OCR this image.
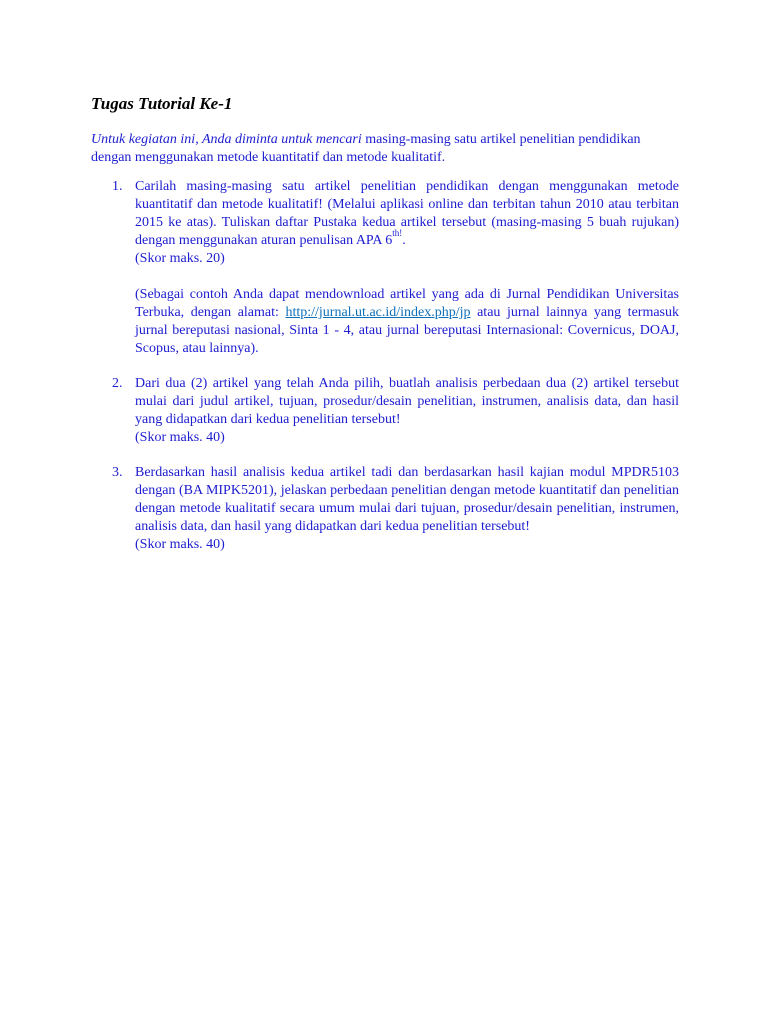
Tugas Tutorial Ke-1

Untuk kegiatan ini, Anda diminta untuk mencari masing-masing satu artikel penelitian pendidikan dengan menggunakan metode kuantitatif dan metode kualitatif.

1. Carilah masing-masing satu artikel penelitian pendidikan dengan menggunakan metode kuantitatif dan metode kualitatif! (Melalui aplikasi online dan terbitan tahun 2010 atau terbitan 2015 ke atas). Tuliskan daftar Pustaka kedua artikel tersebut (masing-masing 5 buah rujukan) dengan menggunakan aturan penulisan APA $6^{th!}$.
(Skor maks. 20)

(Sebagai contoh Anda dapat mendownload artikel yang ada di Jurnal Pendidikan Universitas Terbuka, dengan alamat: http://jurnal.ut.ac.id/index.php/jp atau jurnal lainnya yang termasuk jurnal bereputasi nasional, Sinta 1 - 4, atau jurnal bereputasi Internasional: Covernicus, DOAJ, Scopus, atau lainnya).

2. Dari dua (2) artikel yang telah Anda pilih, buatlah analisis perbedaan dua (2) artikel tersebut mulai dari judul artikel, tujuan, prosedur/desain penelitian, instrumen, analisis data, dan hasil yang didapatkan dari kedua penelitian tersebut!
(Skor maks. 40)

3. Berdasarkan hasil analisis kedua artikel tadi dan berdasarkan hasil kajian modul MPDR5103 dengan (BA MIPK5201), jelaskan perbedaan penelitian dengan metode kuantitatif dan penelitian dengan metode kualitatif secara umum mulai dari tujuan, prosedur/desain penelitian, instrumen, analisis data, dan hasil yang didapatkan dari kedua penelitian tersebut!
(Skor maks. 40)
